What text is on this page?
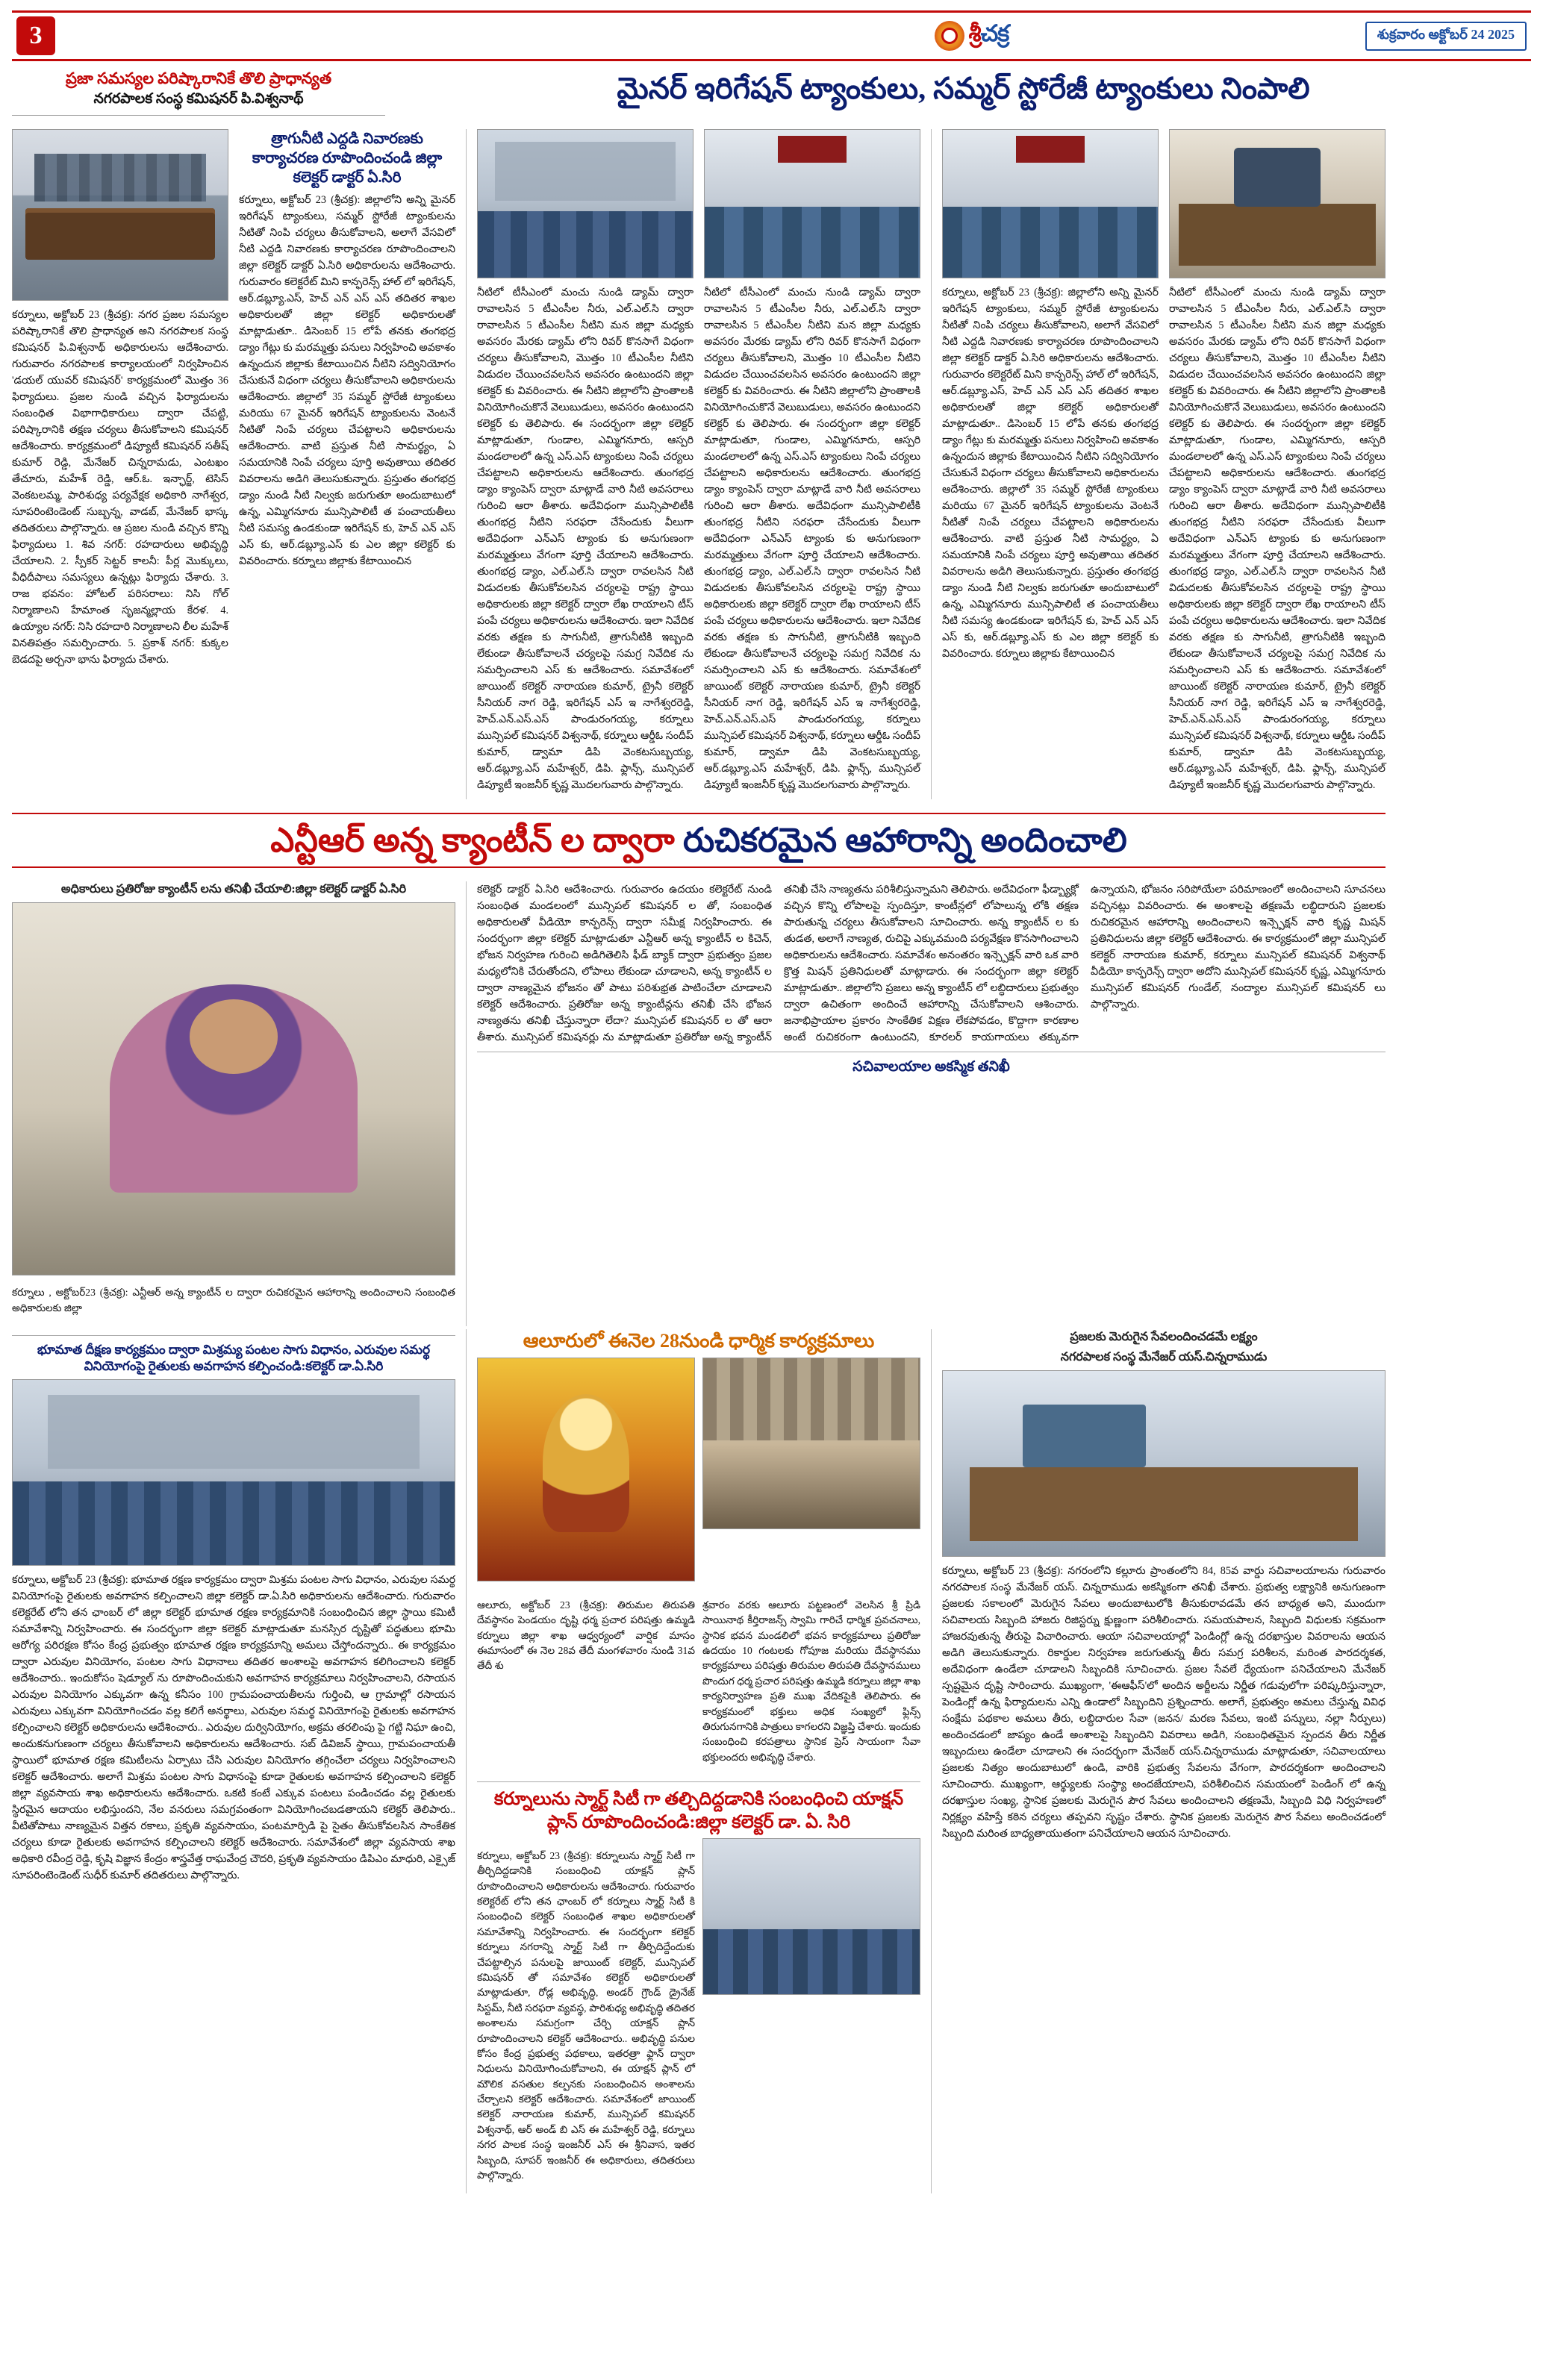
3	శ్రీచక్ర	శుక్రవారం అక్టోబర్ 24 2025
ప్రజా సమస్యల పరిష్కారానికే తొలి ప్రాధాన్యత
నగరపాలక సంస్థ కమిషనర్ పి.విశ్వనాథ్	మైనర్ ఇరిగేషన్ ట్యాంకులు, సమ్మర్ స్టోరేజీ ట్యాంకులు నింపాలి

కర్నూలు, అక్టోబర్ 23 (శ్రీచక్ర): నగర ప్రజల సమస్యల పరిష్కారానికే తొలి ప్రాధాన్యత అని నగరపాలక సంస్థ కమిషనర్ పి.విశ్వనాథ్ అధికారులను ఆదేశించారు. గురువారం నగరపాలక కార్యాలయంలో నిర్వహించిన 'డయల్ యువర్ కమిషనర్' కార్యక్రమంలో మొత్తం 36 ఫిర్యాదులు. ప్రజల నుండి వచ్చిన ఫిర్యాదులను సంబంధిత విభాగాధికారులు ద్వారా చేపట్టి, పరిష్కారానికి తక్షణ చర్యలు తీసుకోవాలని కమిషనర్ ఆదేశించారు. కార్యక్రమంలో డిప్యూటీ కమిషనర్ సతీష్ కుమార్ రెడ్డి, మేనేజర్ చిన్నరామడు, ఎంటఖం తేచూరు, మహేశ్ రెడ్డి, ఆర్.ఓ. ఇన్ఛార్జ్, టెసిస్ వెంకటలమ్మ, పారిశుధ్య పర్యవేక్షక అధికారి నాగేశ్వర, సూపరింటెండెంట్ సుబ్బన్న, వాడబ్, మేనేజర్ భాస్క తదితరులు పాల్గొన్నారు. ఆ ప్రజల నుండి వచ్చిన కొన్ని ఫిర్యాదులు 1. శివ నగర్: రహదారులు అభివృద్ధి చేయాలని. 2. స్పీకర్ సెట్టర్ కాలనీ: పీర్ల మొక్కులు, వీధిదీపాలు సమస్యలు ఉన్నట్లు ఫిర్యాదు చేశారు. 3. రాజ భవనం: హోటల్ పరిసరాలు: నిసి గోల్ నిర్మాణాలని హేమాంత సృజన్మల్లాయ కేరళ. 4. ఉయ్యాల నగర్: నిసి రహదారి నిర్మాణాలని లీల మహేశ్ వినతిపత్రం సమర్పించారు. 5. ప్రకాశ్ నగర్: కుక్కల బెడదపై అర్చనా భాను ఫిర్యాదు చేశారు.

త్రాగునీటి ఎద్దడి నివారణకు కార్యాచరణ రూపొందించండి జిల్లా కలెక్టర్ డాక్టర్ ఏ.సిరి

కర్నూలు, అక్టోబర్ 23 (శ్రీచక్ర): జిల్లాలోని అన్ని మైనర్ ఇరిగేషన్ ట్యాంకులు, సమ్మర్ స్టోరేజీ ట్యాంకులను నీటితో నింపి చర్యలు తీసుకోవాలని, అలాగే వేసవిలో నీటి ఎద్దడి నివారణకు కార్యాచరణ రూపొందించాలని జిల్లా కలెక్టర్ డాక్టర్ ఏ.సిరి అధికారులను ఆదేశించారు. గురువారం కలెక్టరేట్ మిని కాన్ఫరెన్స్ హాల్ లో ఇరిగేషన్, ఆర్.డబ్ల్యూ.ఎస్, హెచ్ ఎన్ ఎస్ ఎస్ తదితర శాఖల అధికారులతో జిల్లా కలెక్టర్ అధికారులతో మాట్లాడుతూ.. డిసెంబర్ 15 లోపే తనకు తంగభద్ర డ్యాం గేట్లు కు మరమ్మత్తు పనులు నిర్వహించి అవకాశం ఉన్నందున జిల్లాకు కేటాయించిన నీటిని సద్వినియోగం చేసుకునే విధంగా చర్యలు తీసుకోవాలని అధికారులను ఆదేశించారు. జిల్లాలో 35 సమ్మర్ స్టోరేజీ ట్యాంకులు మరియు 67 మైనర్ ఇరిగేషన్ ట్యాంకులను వెంటనే నీటితో నింపే చర్యలు చేపట్టాలని అధికారులను ఆదేశించారు. వాటి ప్రస్తుత నీటి సామర్థ్యం, ఏ సమయానికి నింపే చర్యలు పూర్తి అవుతాయి తదితర వివరాలను అడిగి తెలుసుకున్నారు. ప్రస్తుతం తంగభద్ర డ్యాం నుండి నీటి నిల్వకు జరుగుతూ అందుబాటులో ఉన్న, ఎమ్మిగనూరు మున్సిపాలిటీ త పంచాయతీలు నీటి సమస్య ఉండకుండా ఇరిగేషన్ కు, హెచ్ ఎన్ ఎస్ ఎస్ కు, ఆర్.డబ్ల్యూ.ఎస్ కు ఎల జిల్లా కలెక్టర్ కు వివరించారు. కర్నూలు జిల్లాకు కేటాయించిన

నీటిలో టీసీఎంలో మంచు నుండి డ్యామ్ ద్వారా రావాలసిన 5 టీఎంసీల నీరు, ఎల్.ఎల్.సి ద్వారా రావాలసిన 5 టీఎంసీల నీటిని మన జిల్లా మధ్యకు అవసరం మేరకు డ్యామ్ లోని రివర్ కొనసాగే విధంగా చర్యలు తీసుకోవాలని, మొత్తం 10 టీఎంసీల నీటిని విడుదల చేయించవలసిన అవసరం ఉంటుందని జిల్లా కలెక్టర్ కు వివరించారు. ఈ నీటిని జిల్లాలోని ప్రాంతాలకి వినియోగించుకొనే వెలుబుడులు, అవసరం ఉంటుందని కలెక్టర్ కు తెలిపారు. ఈ సందర్భంగా జిల్లా కలెక్టర్ మాట్లాడుతూ, గుండాల, ఎమ్మిగనూరు, ఆస్పరి మండలాలలో ఉన్న ఎస్.ఎస్ ట్యాంకులు నింపే చర్యలు చేపట్టాలని అధికారులను ఆదేశించారు. తుంగభద్ర డ్యాం క్యాంపెస్ ద్వారా మాట్లాడే వారి నీటి అవసరాలు గురించి ఆరా తీశారు. అదేవిధంగా మున్సిపాలిటీకి తుంగభద్ర నీటిని సరఫరా చేసేందుకు వీలుగా అదేవిధంగా ఎన్ఎస్ ట్యాంకు కు అనుగుణంగా మరమ్మత్తులు వేగంగా పూర్తి చేయాలని ఆదేశించారు. తుంగభద్ర డ్యాం, ఎల్.ఎల్.సి ద్వారా రావలసిన నీటి విడుదలకు తీసుకోవలసిన చర్యలపై రాష్ట్ర స్థాయి అధికారులకు జిల్లా కలెక్టర్ ద్వారా లేఖ రాయాలని టీస్ పంపే చర్యలు అధికారులను ఆదేశించారు. ఇలా నివేదిక వరకు తక్షణ కు సాగునీటి, త్రాగునీటికి ఇబ్బంది లేకుండా తీసుకోవాలనే చర్యలపై సమగ్ర నివేదిక ను సమర్పించాలని ఎస్ కు ఆదేశించారు. సమావేశంలో జాయింట్ కలెక్టర్ నారాయణ కుమార్, ట్రైనీ కలెక్టర్ సీనియర్ నాగ రెడ్డి, ఇరిగేషన్ ఎస్ ఇ నాగేశ్వరరెడ్డి, హెచ్.ఎన్.ఎస్.ఎస్ పాండురంగయ్య, కర్నూలు మున్సిపల్ కమిషనర్ విశ్వనాథ్, కర్నూలు ఆర్డీఓ సందీప్ కుమార్, డ్వామా డిపి వెంకటసుబ్బయ్య, ఆర్.డబ్ల్యూ.ఎస్ మహేశ్వర్, డిపి. ఫ్లాన్స్, మున్సిపల్ డిప్యూటీ ఇంజనీర్ కృష్ణ మొదలగువారు పాల్గొన్నారు.

నీటిలో టీసీఎంలో మంచు నుండి డ్యామ్ ద్వారా రావాలసిన 5 టీఎంసీల నీరు, ఎల్.ఎల్.సి ద్వారా రావాలసిన 5 టీఎంసీల నీటిని మన జిల్లా మధ్యకు అవసరం మేరకు డ్యామ్ లోని రివర్ కొనసాగే విధంగా చర్యలు తీసుకోవాలని, మొత్తం 10 టీఎంసీల నీటిని విడుదల చేయించవలసిన అవసరం ఉంటుందని జిల్లా కలెక్టర్ కు వివరించారు. ఈ నీటిని జిల్లాలోని ప్రాంతాలకి వినియోగించుకొనే వెలుబుడులు, అవసరం ఉంటుందని కలెక్టర్ కు తెలిపారు. ఈ సందర్భంగా జిల్లా కలెక్టర్ మాట్లాడుతూ, గుండాల, ఎమ్మిగనూరు, ఆస్పరి మండలాలలో ఉన్న ఎస్.ఎస్ ట్యాంకులు నింపే చర్యలు చేపట్టాలని అధికారులను ఆదేశించారు. తుంగభద్ర డ్యాం క్యాంపెస్ ద్వారా మాట్లాడే వారి నీటి అవసరాలు గురించి ఆరా తీశారు. అదేవిధంగా మున్సిపాలిటీకి తుంగభద్ర నీటిని సరఫరా చేసేందుకు వీలుగా అదేవిధంగా ఎన్ఎస్ ట్యాంకు కు అనుగుణంగా మరమ్మత్తులు వేగంగా పూర్తి చేయాలని ఆదేశించారు. తుంగభద్ర డ్యాం, ఎల్.ఎల్.సి ద్వారా రావలసిన నీటి విడుదలకు తీసుకోవలసిన చర్యలపై రాష్ట్ర స్థాయి అధికారులకు జిల్లా కలెక్టర్ ద్వారా లేఖ రాయాలని టీస్ పంపే చర్యలు అధికారులను ఆదేశించారు. ఇలా నివేదిక వరకు తక్షణ కు సాగునీటి, త్రాగునీటికి ఇబ్బంది లేకుండా తీసుకోవాలనే చర్యలపై సమగ్ర నివేదిక ను సమర్పించాలని ఎస్ కు ఆదేశించారు. సమావేశంలో జాయింట్ కలెక్టర్ నారాయణ కుమార్, ట్రైనీ కలెక్టర్ సీనియర్ నాగ రెడ్డి, ఇరిగేషన్ ఎస్ ఇ నాగేశ్వరరెడ్డి, హెచ్.ఎన్.ఎస్.ఎస్ పాండురంగయ్య, కర్నూలు మున్సిపల్ కమిషనర్ విశ్వనాథ్, కర్నూలు ఆర్డీఓ సందీప్ కుమార్, డ్వామా డిపి వెంకటసుబ్బయ్య, ఆర్.డబ్ల్యూ.ఎస్ మహేశ్వర్, డిపి. ఫ్లాన్స్, మున్సిపల్ డిప్యూటీ ఇంజనీర్ కృష్ణ మొదలగువారు పాల్గొన్నారు.

కర్నూలు, అక్టోబర్ 23 (శ్రీచక్ర): జిల్లాలోని అన్ని మైనర్ ఇరిగేషన్ ట్యాంకులు, సమ్మర్ స్టోరేజీ ట్యాంకులను నీటితో నింపి చర్యలు తీసుకోవాలని, అలాగే వేసవిలో నీటి ఎద్దడి నివారణకు కార్యాచరణ రూపొందించాలని జిల్లా కలెక్టర్ డాక్టర్ ఏ.సిరి అధికారులను ఆదేశించారు. గురువారం కలెక్టరేట్ మిని కాన్ఫరెన్స్ హాల్ లో ఇరిగేషన్, ఆర్.డబ్ల్యూ.ఎస్, హెచ్ ఎన్ ఎస్ ఎస్ తదితర శాఖల అధికారులతో జిల్లా కలెక్టర్ అధికారులతో మాట్లాడుతూ.. డిసెంబర్ 15 లోపే తనకు తంగభద్ర డ్యాం గేట్లు కు మరమ్మత్తు పనులు నిర్వహించి అవకాశం ఉన్నందున జిల్లాకు కేటాయించిన నీటిని సద్వినియోగం చేసుకునే విధంగా చర్యలు తీసుకోవాలని అధికారులను ఆదేశించారు. జిల్లాలో 35 సమ్మర్ స్టోరేజీ ట్యాంకులు మరియు 67 మైనర్ ఇరిగేషన్ ట్యాంకులను వెంటనే నీటితో నింపే చర్యలు చేపట్టాలని అధికారులను ఆదేశించారు. వాటి ప్రస్తుత నీటి సామర్థ్యం, ఏ సమయానికి నింపే చర్యలు పూర్తి అవుతాయి తదితర వివరాలను అడిగి తెలుసుకున్నారు. ప్రస్తుతం తంగభద్ర డ్యాం నుండి నీటి నిల్వకు జరుగుతూ అందుబాటులో ఉన్న, ఎమ్మిగనూరు మున్సిపాలిటీ త పంచాయతీలు నీటి సమస్య ఉండకుండా ఇరిగేషన్ కు, హెచ్ ఎన్ ఎస్ ఎస్ కు, ఆర్.డబ్ల్యూ.ఎస్ కు ఎల జిల్లా కలెక్టర్ కు వివరించారు. కర్నూలు జిల్లాకు కేటాయించిన

నీటిలో టీసీఎంలో మంచు నుండి డ్యామ్ ద్వారా రావాలసిన 5 టీఎంసీల నీరు, ఎల్.ఎల్.సి ద్వారా రావాలసిన 5 టీఎంసీల నీటిని మన జిల్లా మధ్యకు అవసరం మేరకు డ్యామ్ లోని రివర్ కొనసాగే విధంగా చర్యలు తీసుకోవాలని, మొత్తం 10 టీఎంసీల నీటిని విడుదల చేయించవలసిన అవసరం ఉంటుందని జిల్లా కలెక్టర్ కు వివరించారు. ఈ నీటిని జిల్లాలోని ప్రాంతాలకి వినియోగించుకొనే వెలుబుడులు, అవసరం ఉంటుందని కలెక్టర్ కు తెలిపారు. ఈ సందర్భంగా జిల్లా కలెక్టర్ మాట్లాడుతూ, గుండాల, ఎమ్మిగనూరు, ఆస్పరి మండలాలలో ఉన్న ఎస్.ఎస్ ట్యాంకులు నింపే చర్యలు చేపట్టాలని అధికారులను ఆదేశించారు. తుంగభద్ర డ్యాం క్యాంపెస్ ద్వారా మాట్లాడే వారి నీటి అవసరాలు గురించి ఆరా తీశారు. అదేవిధంగా మున్సిపాలిటీకి తుంగభద్ర నీటిని సరఫరా చేసేందుకు వీలుగా అదేవిధంగా ఎన్ఎస్ ట్యాంకు కు అనుగుణంగా మరమ్మత్తులు వేగంగా పూర్తి చేయాలని ఆదేశించారు. తుంగభద్ర డ్యాం, ఎల్.ఎల్.సి ద్వారా రావలసిన నీటి విడుదలకు తీసుకోవలసిన చర్యలపై రాష్ట్ర స్థాయి అధికారులకు జిల్లా కలెక్టర్ ద్వారా లేఖ రాయాలని టీస్ పంపే చర్యలు అధికారులను ఆదేశించారు. ఇలా నివేదిక వరకు తక్షణ కు సాగునీటి, త్రాగునీటికి ఇబ్బంది లేకుండా తీసుకోవాలనే చర్యలపై సమగ్ర నివేదిక ను సమర్పించాలని ఎస్ కు ఆదేశించారు. సమావేశంలో జాయింట్ కలెక్టర్ నారాయణ కుమార్, ట్రైనీ కలెక్టర్ సీనియర్ నాగ రెడ్డి, ఇరిగేషన్ ఎస్ ఇ నాగేశ్వరరెడ్డి, హెచ్.ఎన్.ఎస్.ఎస్ పాండురంగయ్య, కర్నూలు మున్సిపల్ కమిషనర్ విశ్వనాథ్, కర్నూలు ఆర్డీఓ సందీప్ కుమార్, డ్వామా డిపి వెంకటసుబ్బయ్య, ఆర్.డబ్ల్యూ.ఎస్ మహేశ్వర్, డిపి. ఫ్లాన్స్, మున్సిపల్ డిప్యూటీ ఇంజనీర్ కృష్ణ మొదలగువారు పాల్గొన్నారు.

ఎన్టీఆర్ అన్న క్యాంటీన్ ల ద్వారా రుచికరమైన ఆహారాన్ని అందించాలి
అధికారులు ప్రతిరోజు క్యాంటీన్ లను తనిఖీ చేయాలి:జిల్లా కలెక్టర్ డాక్టర్ ఏ.సిరి

కర్నూలు , అక్టోబర్23 (శ్రీచక్ర): ఎన్టీఆర్ అన్న క్యాంటీన్ ల ద్వారా రుచికరమైన ఆహారాన్ని అందించాలని సంబంధిత అధికారులకు జిల్లా

కలెక్టర్ డాక్టర్ ఏ.సిరి ఆదేశించారు. గురువారం ఉదయం కలెక్టరేట్ నుండి సంబంధిత మండలంలో మున్సిపల్ కమిషనర్ ల తో, సంబంధిత అధికారులతో వీడియో కాన్ఫరెన్స్ ద్వారా సమీక్ష నిర్వహించారు. ఈ సందర్భంగా జిల్లా కలెక్టర్ మాట్లాడుతూ ఎన్టీఆర్ అన్న క్యాంటీన్ ల కిచెన్, భోజన నిర్వహణ గురించి అడిగితెలిసి ఫీడ్ బ్యాక్ ద్వారా ప్రభుత్వం ప్రజల మధ్యలోనికి చేరుతోందని, లోపాలు లేకుండా చూడాలని, అన్న క్యాంటీన్ ల ద్వారా నాణ్యమైన భోజనం తో పాటు పరిశుభ్రత పాటించేలా చూడాలని కలెక్టర్ ఆదేశించారు. ప్రతిరోజు అన్న క్యాంటీన్లను తనిఖీ చేసి భోజన నాణ్యతను తనిఖీ చేస్తున్నారా లేదా? మున్సిపల్ కమిషనర్ ల తో ఆరా తీశారు. మున్సిపల్ కమిషనర్లు ను మాట్లాడుతూ ప్రతిరోజు అన్న క్యాంటీన్ తనిఖీ చేసి నాణ్యతను పరిశీలిస్తున్నామని తెలిపారు. అదేవిధంగా ఫీడ్బ్యాక్లో వచ్చిన కొన్ని లోపాలపై స్పందిస్తూ, కాంటీన్లలో లోపాలున్న లోకి తక్షణ పారుతున్న చర్యలు తీసుకోవాలని సూచించారు. అన్న క్యాంటీన్ ల కు తుడత, అలాగే నాణ్యత, రుచిపై ఎక్కువమంది పర్యవేక్షణ కొనసాగించాలని అధికారులను ఆదేశించారు. సమావేశం అనంతరం ఇన్స్పెక్షన్ వారి ఒక వారి క్రొత్త మిషన్ ప్రతినిధులతో మాట్లాడారు. ఈ సందర్భంగా జిల్లా కలెక్టర్ మాట్లాడుతూ.. జిల్లాలోని ప్రజలు అన్న క్యాంటీన్ లో లబ్ధిదారులు ప్రభుత్వం ద్వారా ఉచితంగా అందించే ఆహారాన్ని చేసుకోవాలని ఆశించారు. జనాభిప్రాయాల ప్రకారం సాంకేతిక విక్షణ లేకపోవడం, కొద్దాగా కారణాల అంటే రుచికరంగా ఉంటుందని, కూరలర్ కాయగాయలు తక్కువగా ఉన్నాయని, భోజనం సరిపోయేలా పరిమాణంలో అందించాలని సూచనలు వచ్చినట్లు వివరించారు. ఈ అంశాలపై తక్షణమే లబ్ధిదారుని ప్రజలకు రుచికరమైన ఆహారాన్ని అందించాలని ఇన్స్పెక్షన్ వారి కృష్ణ మిషన్ ప్రతినిధులను జిల్లా కలెక్టర్ ఆదేశించారు. ఈ కార్యక్రమంలో జిల్లా మున్సిపల్ కలెక్టర్ నారాయణ కుమార్, కర్నూలు మున్సిపల్ కమిషనర్ విశ్వనాథ్ వీడియో కాన్ఫరెన్స్ ద్వారా అదోని మున్సిపల్ కమిషనర్ కృష్ణ, ఎమ్మిగనూరు మున్సిపల్ కమిషనర్ గుండేల్, నంద్యాల మున్సిపల్ కమిషనర్ లు పాల్గొన్నారు.

సచివాలయాల అకస్మిక తనిఖీ
భూమాత దీక్షణ కార్యక్రమం ద్వారా మిశ్రమ్య పంటల సాగు విధానం, ఎరువుల సమర్థ వినియోగంపై రైతులకు అవగాహన కల్పించండి:కలెక్టర్ డా.ఏ.సిరి

కర్నూలు, అక్టోబర్ 23 (శ్రీచక్ర): భూమాత రక్షణ కార్యక్రమం ద్వారా మిశ్రమ పంటల సాగు విధానం, ఎరువుల సమర్థ వినియోగంపై రైతులకు అవగాహన కల్పించాలని జిల్లా కలెక్టర్ డా.ఏ.సిరి అధికారులను ఆదేశించారు. గురువారం కలెక్టరేట్ లోని తన ఛాంబర్ లో జిల్లా కలెక్టర్ భూమాత రక్షణ కార్యక్రమానికి సంబంధించిన జిల్లా స్థాయి కమిటీ సమావేశాన్ని నిర్వహించారు. ఈ సందర్భంగా జిల్లా కలెక్టర్ మాట్లాడుతూ మనస్సిర దృష్టితో పద్ధతులు భూమి ఆరోగ్య పరిరక్షణ కోసం కేంద్ర ప్రభుత్వం భూమాత రక్షణ కార్యక్రమాన్ని అమలు చేస్తోందన్నారు.. ఈ కార్యక్రమం ద్వారా ఎరువుల వినియోగం, పంటల సాగు విధానాలు తదితర అంశాలపై అవగాహన కలిగించాలని కలెక్టర్ ఆదేశించారు.. ఇందుకోసం షెడ్యూల్ ను రూపొందించుకుని అవగాహన కార్యక్రమాలు నిర్వహించాలని, రసాయన ఎరువుల వినియోగం ఎక్కువగా ఉన్న కనీసం 100 గ్రామపంచాయతీలను గుర్తించి, ఆ గ్రామాల్లో రసాయన ఎరువులు ఎక్కువగా వినియోగించడం వల్ల కలిగే అనర్థాలు, ఎరువుల సమర్థ వినియోగంపై రైతులకు అవగాహన కల్పించాలని కలెక్టర్ అధికారులను ఆదేశించారు.. ఎరువుల దుర్వినియోగం, అక్రమ తరలింపు పై గట్టి నిఘా ఉంచి, అందుకనుగుణంగా చర్యలు తీసుకోవాలని అధికారులను ఆదేశించారు. సబ్ డివిజన్ స్థాయి, గ్రామపంచాయతీ స్థాయిలో భూమాత రక్షణ కమిటీలను ఏర్పాటు చేసి ఎరువుల వినియోగం తగ్గించేలా చర్యలు నిర్వహించాలని కలెక్టర్ ఆదేశించారు. అలాగే మిశ్రమ పంటల సాగు విధానంపై కూడా రైతులకు అవగాహన కల్పించాలని కలెక్టర్ జిల్లా వ్యవసాయ శాఖ అధికారులను ఆదేశించారు. ఒకటి కంటే ఎక్కువ పంటలు పండించడం వల్ల రైతులకు స్థిరమైన ఆదాయం లభిస్తుందని, నేల వనరులు సమగ్రవంతంగా వినియోగించబడతాయని కలెక్టర్ తెలిపారు.. వీటితోపాటు నాణ్యమైన విత్తన రకాలు, ప్రకృతి వ్యవసాయం, పంటమార్పిడి పై సైతం తీసుకోవలసిన సాంకేతిక చర్యలు కూడా రైతులకు అవగాహన కల్పించాలని కలెక్టర్ ఆదేశించారు. సమావేశంలో జిల్లా వ్యవసాయ శాఖ అధికారి రవీంద్ర రెడ్డి, కృషి విజ్ఞాన కేంద్రం శాస్త్రవేత్త రాఘవేంద్ర చౌదరి, ప్రకృతి వ్యవసాయం డిపిఎం మాధురి, ఎక్సైజ్ సూపరింటెండెంట్ సుధీర్ కుమార్ తదితరులు పాల్గొన్నారు.

ఆలూరులో ఈనెల 28నుండి ధార్మిక కార్యక్రమాలు

ఆలూరు, అక్టోబర్ 23 (శ్రీచక్ర): తిరుమల తిరుపతి దేవస్థానం పెండయం దృష్టి ధర్మ ప్రచార పరిషత్తు ఉమ్మడి కర్నూలు జిల్లా శాఖ ఆధ్వర్యంలో వార్షిక మాసం ఈమాసంలో ఈ నెల 28వ తేదీ మంగళవారం నుండి 31వ తేదీ శు

శ్రవారం వరకు ఆలూరు పట్టణంలో వెలసిన శ్రీ ప్రిడి సాయినాథ కీర్తిరాజన్స్ స్వామి గారిచే ధార్మిక ప్రవచనాలు, స్థానిక భవన మండలిలో భవన కార్యక్రమాలు ప్రతిరోజు ఉదయం 10 గంటలకు గోపూజ మరియు దేవస్థానము కార్యక్రమాలు పరిషత్తు తిరుమల తిరుపతి దేవస్థానములు పొందుగ ధర్మ ప్రచార పరిషత్తు ఉమ్మడి కర్నూలు జిల్లా శాఖ కార్యనిర్వాహణ ప్రతి ముఖ వేదికపైకి తెలిపారు. ఈ కార్యక్రమంలో భక్తులు అధిక సంఖ్యలో ఫ్లిన్స్ తిరుగునగానికి పాత్రులు కాగలరని విజ్ఞప్తి చేశారు. ఇందుకు సంబంధించి కరపత్రాలు స్థానిక ప్రెస్ సాయంగా సేవా భక్తులందరు అభివృద్ధి చేశారు.

కర్నూలును స్మార్ట్ సిటీ గా తల్చిదిద్దడానికి సంబంధించి యాక్షన్ ప్లాన్ రూపొందించండి:జిల్లా కలెక్టర్ డా. ఏ. సిరి

కర్నూలు, అక్టోబర్ 23 (శ్రీచక్ర): కర్నూలును స్మార్ట్ సిటీ గా తీర్చిదిద్దడానికి సంబంధించి యాక్షన్ ప్లాన్ రూపొందించాలని అధికారులను ఆదేశించారు. గురువారం కలెక్టరేట్ లోని తన ఛాంబర్ లో కర్నూలు స్మార్ట్ సిటీ కి సంబంధించి కలెక్టర్ సంబంధిత శాఖల అధికారులతో సమావేశాన్ని నిర్వహించారు. ఈ సందర్భంగా కలెక్టర్ కర్నూలు నగరాన్ని స్మార్ట్ సిటీ గా తీర్చిదిద్దేందుకు చేపట్టాల్సిన పనులపై జాయింట్ కలెక్టర్, మున్సిపల్ కమిషనర్ తో సమావేశం కలెక్టర్ అధికారులతో మాట్లాడుతూ, రోడ్ల అభివృద్ధి, అండర్ గ్రౌండ్ డ్రైనేజ్ సిస్టమ్, నీటి సరఫరా వ్యవస్థ, పారిశుధ్య అభివృద్ధి తదితర అంశాలను సమగ్రంగా చేర్చి యాక్షన్ ప్లాన్ రూపొందించాలని కలెక్టర్ ఆదేశించారు.. అభివృద్ధి పనుల కోసం కేంద్ర ప్రభుత్వ పథకాలు, ఇతరత్రా ఫ్లాన్ ద్వారా నిధులను వినియోగించుకోవాలని, ఈ యాక్షన్ ప్లాన్ లో మౌలిక వసతుల కల్పనకు సంబంధించిన అంశాలను చేర్చాలని కలెక్టర్ ఆదేశించారు. సమావేశంలో జాయింట్ కలెక్టర్ నారాయణ కుమార్, మున్సిపల్ కమిషనర్ విశ్వనాథ్, ఆర్ అండ్ బి ఎస్ ఈ మహేశ్వర్ రెడ్డి, కర్నూలు నగర పాలక సంస్థ ఇంజనీర్ ఎస్ ఈ శ్రీనివాస, ఇతర సిబ్బంది, సూపర్ ఇంజనీర్ ఈ అధికారులు, తదితరులు పాల్గొన్నారు.

ప్రజలకు మెరుగైన సేవలందించడమే లక్ష్యం
నగరపాలక సంస్థ మేనేజర్ యస్.చిన్నరాముడు

కర్నూలు, అక్టోబర్ 23 (శ్రీచక్ర): నగరంలోని కల్లూరు ప్రాంతంలోని 84, 85వ వార్డు సచివాలయాలను గురువారం నగరపాలక సంస్థ మేనేజర్ యస్. చిన్నరాముడు అకస్మికంగా తనిఖీ చేశారు. ప్రభుత్వ లక్ష్యానికి అనుగుణంగా ప్రజలకు సకాలంలో మెరుగైన సేవలు అందుబాటులోకి తీసుకురావడమే తన బాధ్యత అని, ముందుగా సచివాలయ సిబ్బంది హాజరు రిజిస్టర్ను క్షుణ్ణంగా పరిశీలించారు. సమయపాలన, సిబ్బంది విధులకు సక్రమంగా హాజరవుతున్న తీరుపై విచారించారు. ఆయా సచివాలయాల్లో పెండింగ్లో ఉన్న దరఖాస్తుల వివరాలను ఆయన అడిగి తెలుసుకున్నారు. రికార్డుల నిర్వహణ జరుగుతున్న తీరు సమగ్ర పరిశీలన, మరింత పారదర్శకత, అదేవిధంగా ఉండేలా చూడాలని సిబ్బందికి సూచించారు. ప్రజల సేవలే ధ్యేయంగా పనిచేయాలని మేనేజర్ స్పష్టమైన దృష్టి సారించారు. ముఖ్యంగా, 'ఈఆఫీస్'లో అందిన అర్జీలను నిర్ణీత గడువులోగా పరిష్కరిస్తున్నారా, పెండింగ్లో ఉన్న ఫిర్యాదులను ఎన్ని ఉండాలో సిబ్బందిని ప్రశ్నించారు. అలాగే, ప్రభుత్వం అమలు చేస్తున్న వివిధ సంక్షేమ పథకాల అమలు తీరు, లబ్ధిదారుల సేవా (జనన/ మరణ సేవలు, ఇంటి పన్నులు, నల్లా నీర్పులు) అందించడంలో జాప్యం ఉండే అంశాలపై సిబ్బందిని వివరాలు అడిగి, సంబంధితమైన స్పందన తీరు నిర్ణీత ఇబ్బందులు ఉండేలా చూడాలని ఈ సందర్భంగా మేనేజర్ యస్.చిన్నరాముడు మాట్లాడుతూ, సచివాలయాలు ప్రజలకు నిత్యం అందుబాటులో ఉండి, వారికి ప్రభుత్వ సేవలను వేగంగా, పారదర్శకంగా అందించాలని సూచించారు. ముఖ్యంగా, ఆర్థ్యులకు సంస్థ్యా అందజేయాలని, పరిశీలించిన సమయంలో పెండింగ్ లో ఉన్న దరఖాస్తుల సంఖ్య, స్థానిక ప్రజలకు మెరుగైన పౌర సేవలు అందించాలని తక్షణమే, సిబ్బంది విధి నిర్వహణలో నిర్లక్ష్యం వహిస్తే కఠిన చర్యలు తప్పవని సృష్టం చేశారు. స్థానిక ప్రజలకు మెరుగైన పౌర సేవలు అందించడంలో సిబ్బంది మరింత బాధ్యతాయుతంగా పనిచేయాలని ఆయన సూచించారు.
